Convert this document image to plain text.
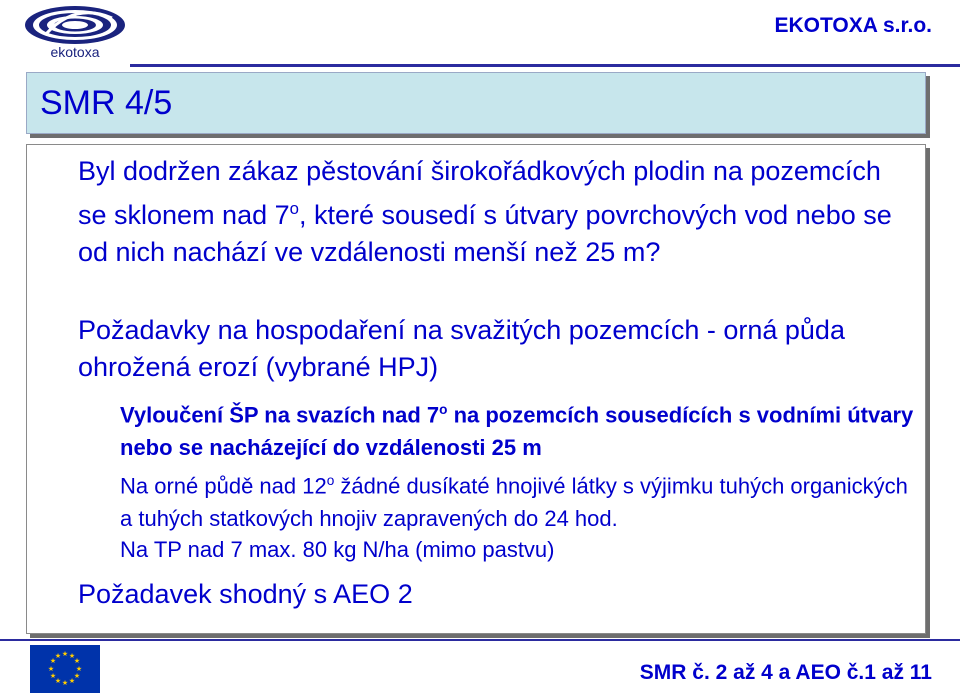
ekotoxa
EKOTOXA s.r.o.
SMR 4/5
Byl dodržen zákaz pěstování širokořádkových plodin na pozemcích se sklonem nad 7$^o$, které sousedí s útvary povrchových vod nebo se od nich nachází ve vzdálenosti menší než 25 m?
Požadavky na hospodaření na svažitých pozemcích - orná půda ohrožená erozí (vybrané HPJ)
Vyloučení ŠP na svazích nad 7$^o$ na pozemcích sousedících s vodními útvary nebo se nacházející do vzdálenosti 25 m
Na orné půdě nad 12$^o$ žádné dusíkaté hnojivé látky s výjimku tuhých organických a tuhých statkových hnojiv zapravených do 24 hod.
Na TP nad 7 max. 80 kg N/ha (mimo pastvu)
Požadavek shodný s AEO 2
★ ★
★
★
★
★
★
★
★
★
★
★
SMR č. 2 až 4 a AEO č.1 až 11
